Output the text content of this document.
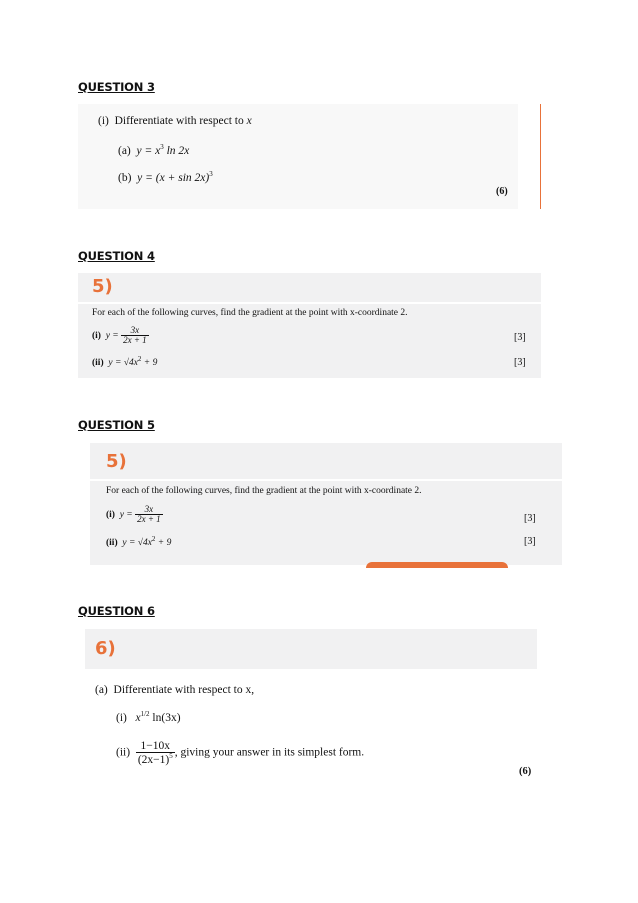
QUESTION 3
(i) Differentiate with respect to x
(a) $y = x^3$ ln 2x
(b) $y = (x + \sin 2x)^3$
(6)
QUESTION 4
5)
For each of the following curves, find the gradient at the point with x-coordinate 2.
(i) $y = \frac{3x}{2x + 1}$	[3]
(ii) $y = √4x^2 + 9$	[3]
QUESTION 5
5)
For each of the following curves, find the gradient at the point with x-coordinate 2.
(i) $y = \frac{3x}{2x + 1}$	[3]
(ii) $y = √4x^2 + 9$	[3]
QUESTION 6
6)
(a) Differentiate with respect to x,
(i) $x^{1/2}$ ln(3x)
$(ii) \frac{1-10x}{(2x-1)^5}$ , giving your answer in its simplest form.
(6)
